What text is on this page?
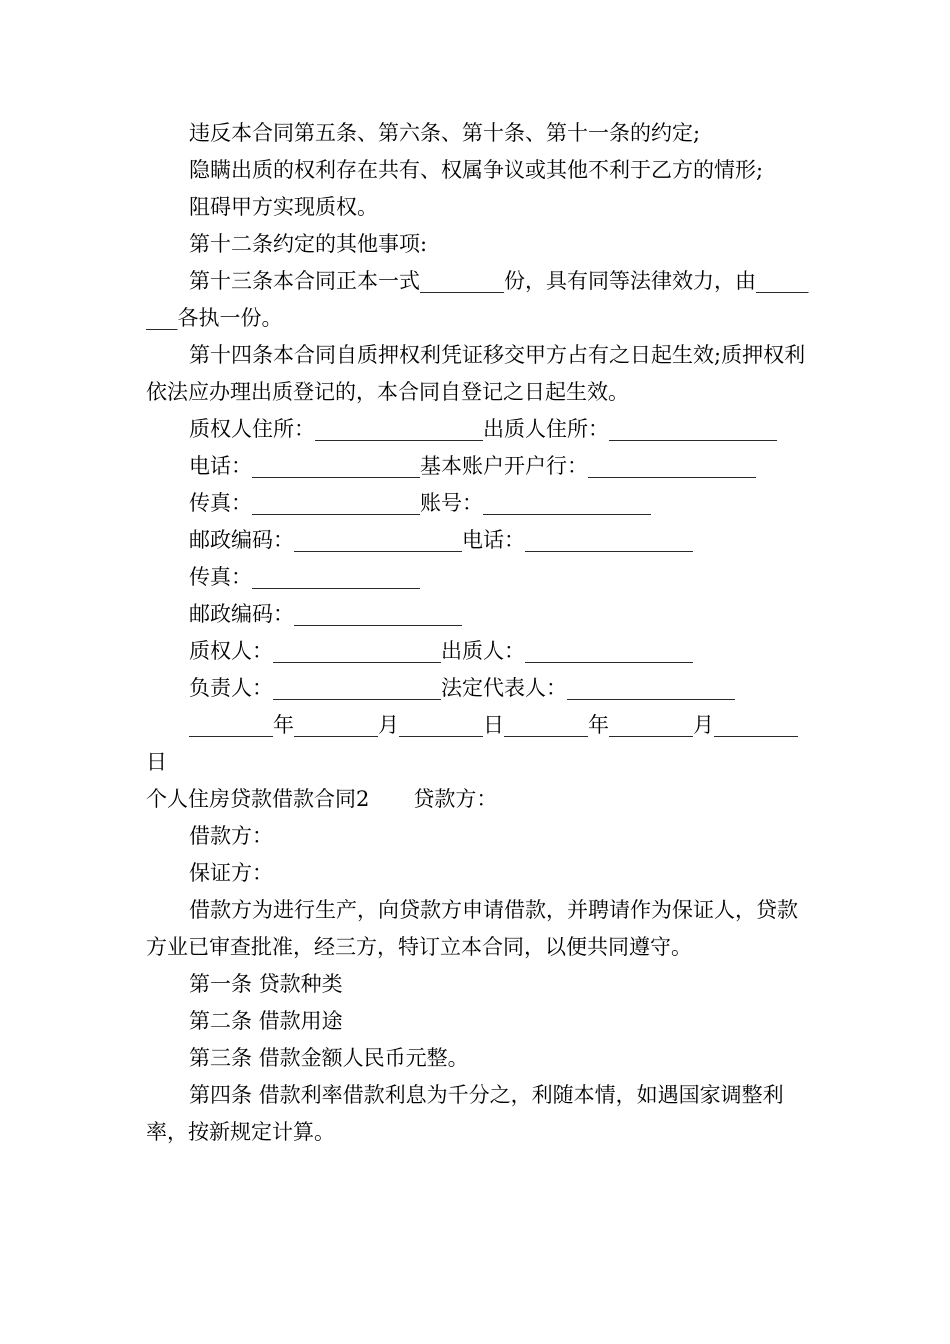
违反本合同第五条、第六条、第十条、第十一条的约定;

隐瞒出质的权利存在共有、权属争议或其他不利于乙方的情形;

阻碍甲方实现质权。

第十二条约定的其他事项:

第十三条本合同正本一式________份，具有同等法律效力，由________各执一份。

第十四条本合同自质押权利凭证移交甲方占有之日起生效;质押权利依法应办理出质登记的，本合同自登记之日起生效。

质权人住所：________________出质人住所：________________

电话：________________基本账户开户行：________________

传真：________________账号：________________

邮政编码：________________电话：________________

传真：________________

邮政编码：________________

质权人：________________出质人：________________

负责人：________________法定代表人：________________

________年________月________日________年________月________日

个人住房贷款借款合同2 贷款方：

借款方：

保证方：

借款方为进行生产，向贷款方申请借款，并聘请作为保证人，贷款方业已审查批准，经三方，特订立本合同，以便共同遵守。

第一条 贷款种类

第二条 借款用途

第三条 借款金额人民币元整。

第四条 借款利率借款利息为千分之，利随本情，如遇国家调整利率，按新规定计算。
